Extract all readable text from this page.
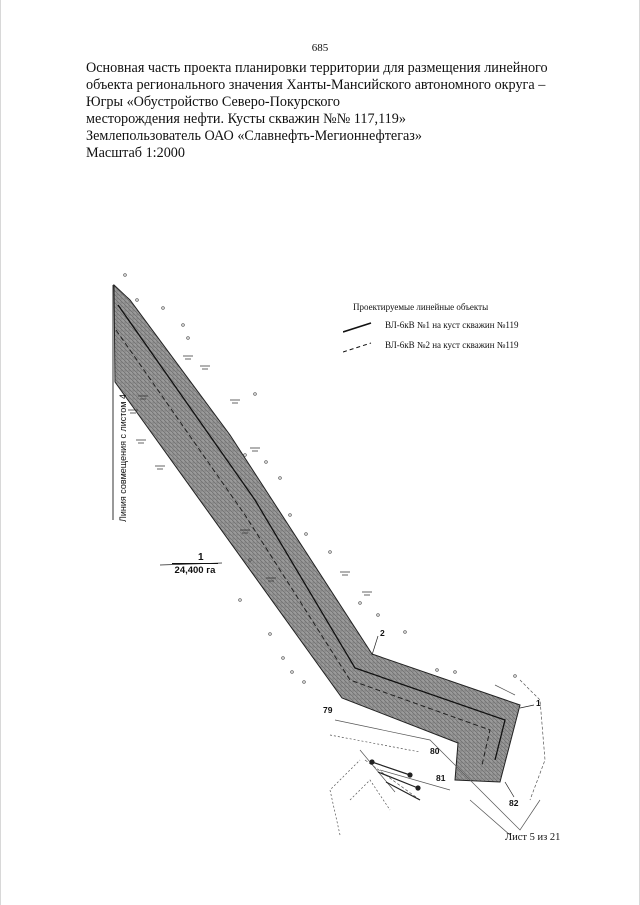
685
Основная часть проекта планировки территории для размещения линейного
объекта регионального значения Ханты-Мансийского автономного округа –
Югры «Обустройство Северо-Покурского
месторождения нефти. Кусты скважин №№ 117,119»
Землепользователь ОАО «Славнефть-Мегионнефтегаз»
Масштаб 1:2000
Проектируемые линейные объекты
ВЛ-6кВ №1 на куст скважин №119
ВЛ-6кВ №2 на куст скважин №119
Линия совмещения с листом 4
1
24,400 га
2
1
79
80
81
82
Лист 5 из 21
